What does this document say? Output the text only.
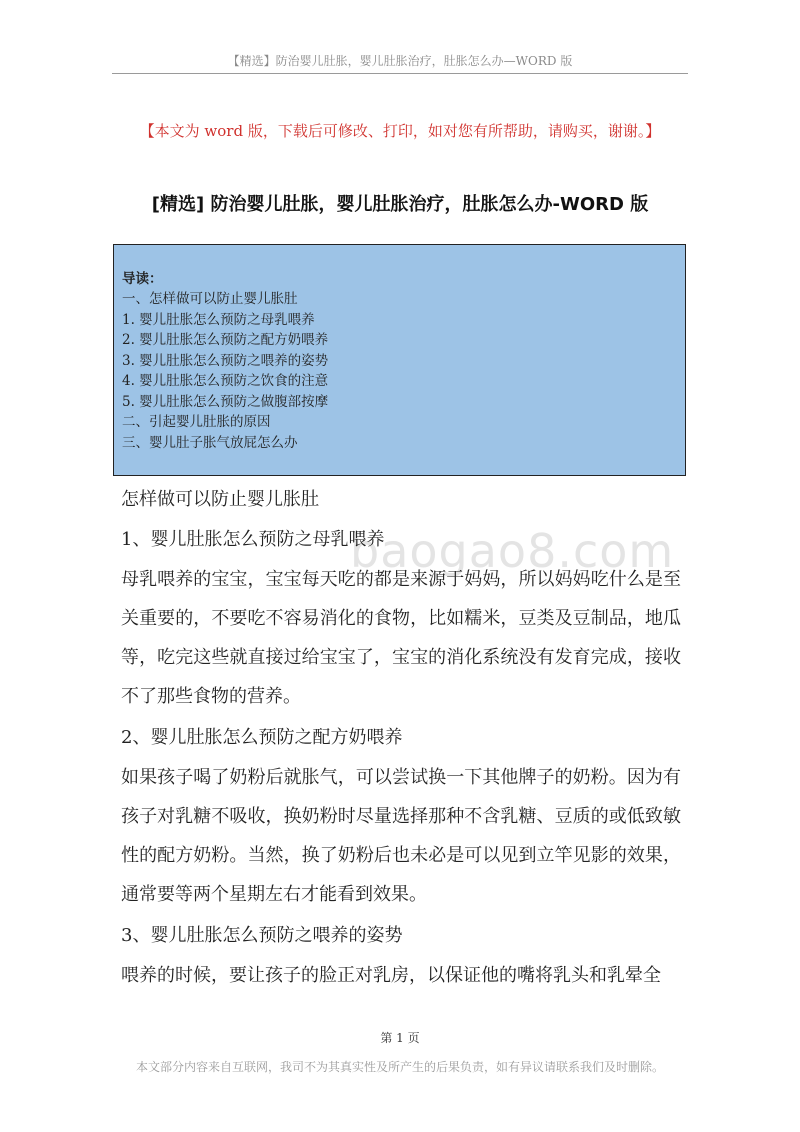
【精选】防治婴儿肚胀，婴儿肚胀治疗，肚胀怎么办—WORD 版
【本文为 word 版，下载后可修改、打印，如对您有所帮助，请购买，谢谢。】
[精选] 防治婴儿肚胀，婴儿肚胀治疗，肚胀怎么办-WORD 版
导读：
一、怎样做可以防止婴儿胀肚
1. 婴儿肚胀怎么预防之母乳喂养
2. 婴儿肚胀怎么预防之配方奶喂养
3. 婴儿肚胀怎么预防之喂养的姿势
4. 婴儿肚胀怎么预防之饮食的注意
5. 婴儿肚胀怎么预防之做腹部按摩
二、引起婴儿肚胀的原因
三、婴儿肚子胀气放屁怎么办
baogao8.com
怎样做可以防止婴儿胀肚
1、婴儿肚胀怎么预防之母乳喂养
母乳喂养的宝宝，宝宝每天吃的都是来源于妈妈，所以妈妈吃什么是至关重要的，不要吃不容易消化的食物，比如糯米，豆类及豆制品，地瓜等，吃完这些就直接过给宝宝了，宝宝的消化系统没有发育完成，接收不了那些食物的营养。
2、婴儿肚胀怎么预防之配方奶喂养
如果孩子喝了奶粉后就胀气，可以尝试换一下其他牌子的奶粉。因为有孩子对乳糖不吸收，换奶粉时尽量选择那种不含乳糖、豆质的或低致敏性的配方奶粉。当然，换了奶粉后也未必是可以见到立竿见影的效果，通常要等两个星期左右才能看到效果。
3、婴儿肚胀怎么预防之喂养的姿势
喂养的时候，要让孩子的脸正对乳房，以保证他的嘴将乳头和乳晕全
第 1 页
本文部分内容来自互联网，我司不为其真实性及所产生的后果负责，如有异议请联系我们及时删除。
